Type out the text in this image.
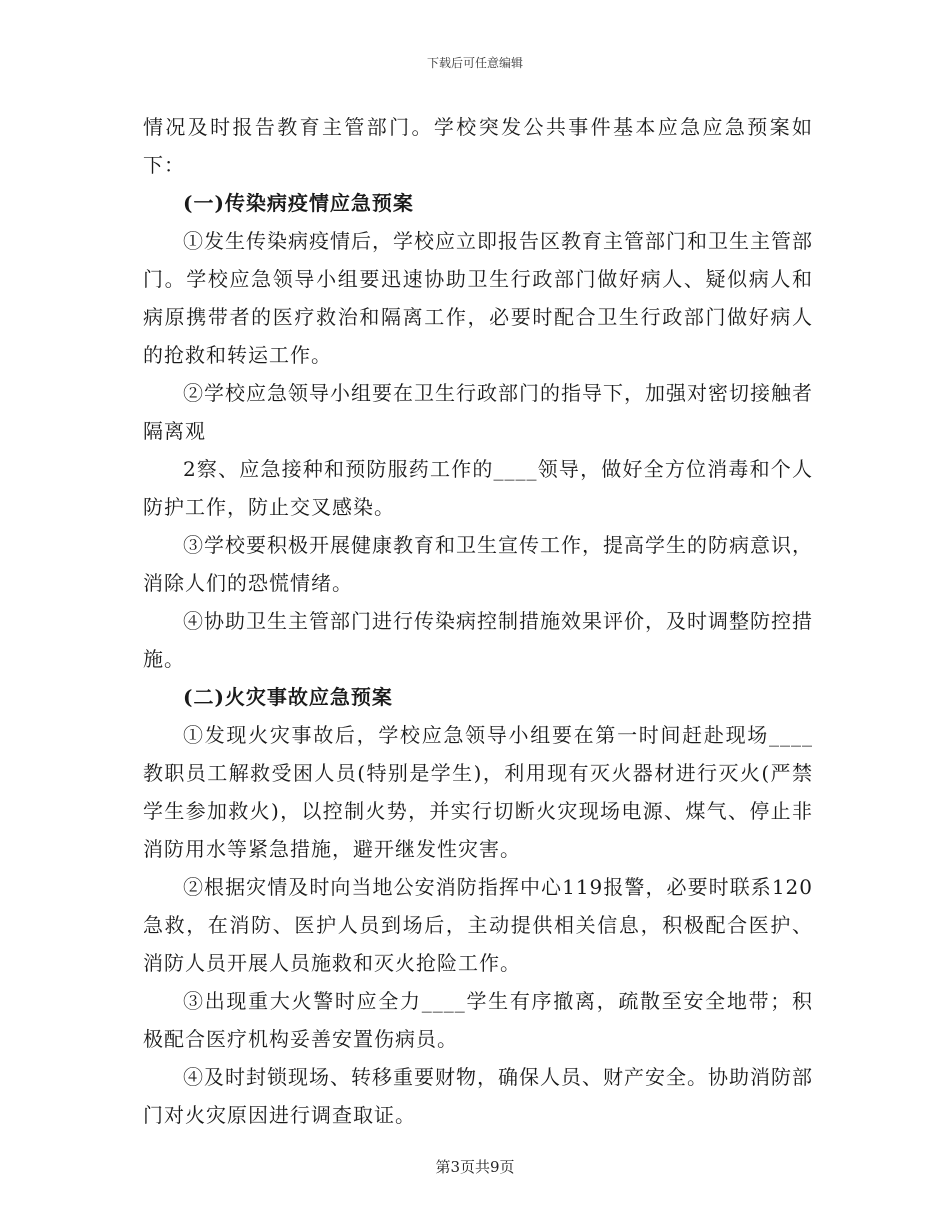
下载后可任意编辑

情况及时报告教育主管部门。学校突发公共事件基本应急应急预案如下：

(一)传染病疫情应急预案

①发生传染病疫情后，学校应立即报告区教育主管部门和卫生主管部门。学校应急领导小组要迅速协助卫生行政部门做好病人、疑似病人和病原携带者的医疗救治和隔离工作，必要时配合卫生行政部门做好病人的抢救和转运工作。

②学校应急领导小组要在卫生行政部门的指导下，加强对密切接触者隔离观

2察、应急接种和预防服药工作的____领导，做好全方位消毒和个人防护工作，防止交叉感染。

③学校要积极开展健康教育和卫生宣传工作，提高学生的防病意识，消除人们的恐慌情绪。

④协助卫生主管部门进行传染病控制措施效果评价，及时调整防控措施。

(二)火灾事故应急预案

①发现火灾事故后，学校应急领导小组要在第一时间赶赴现场____教职员工解救受困人员(特别是学生)，利用现有灭火器材进行灭火(严禁学生参加救火)，以控制火势，并实行切断火灾现场电源、煤气、停止非消防用水等紧急措施，避开继发性灾害。

②根据灾情及时向当地公安消防指挥中心119报警，必要时联系120急救，在消防、医护人员到场后，主动提供相关信息，积极配合医护、消防人员开展人员施救和灭火抢险工作。

③出现重大火警时应全力____学生有序撤离，疏散至安全地带；积极配合医疗机构妥善安置伤病员。

④及时封锁现场、转移重要财物，确保人员、财产安全。协助消防部门对火灾原因进行调查取证。

第3页共9页
